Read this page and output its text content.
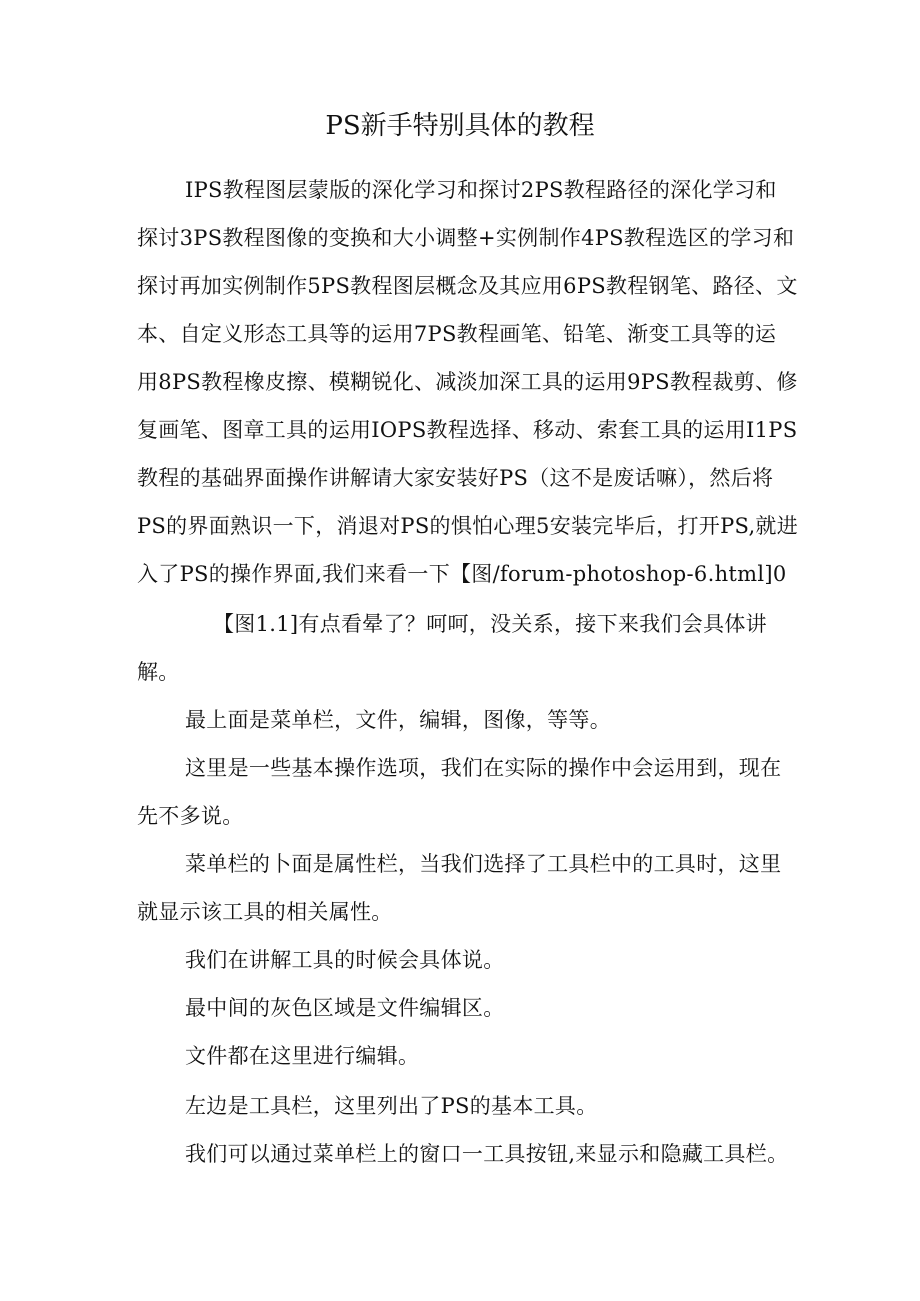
PS新手特别具体的教程
IPS教程图层蒙版的深化学习和探讨2PS教程路径的深化学习和
探讨3PS教程图像的变换和大小调整+实例制作4PS教程选区的学习和
探讨再加实例制作5PS教程图层概念及其应用6PS教程钢笔、路径、文
本、自定义形态工具等的运用7PS教程画笔、铅笔、渐变工具等的运
用8PS教程橡皮擦、模糊锐化、减淡加深工具的运用9PS教程裁剪、修
复画笔、图章工具的运用IOPS教程选择、移动、索套工具的运用I1PS
教程的基础界面操作讲解请大家安装好PS（这不是废话嘛），然后将
PS的界面熟识一下，消退对PS的惧怕心理5安装完毕后，打开PS,就进
入了PS的操作界面,我们来看一下【图/forum-photoshop-6.html]0
【图1.1]有点看晕了？呵呵，没关系，接下来我们会具体讲
解。
最上面是菜单栏，文件，编辑，图像，等等。
这里是一些基本操作选项，我们在实际的操作中会运用到，现在
先不多说。
菜单栏的卜面是属性栏，当我们选择了工具栏中的工具时，这里
就显示该工具的相关属性。
我们在讲解工具的时候会具体说。
最中间的灰色区域是文件编辑区。
文件都在这里进行编辑。
左边是工具栏，这里列出了PS的基本工具。
我们可以通过菜单栏上的窗口一工具按钮,来显示和隐藏工具栏。
